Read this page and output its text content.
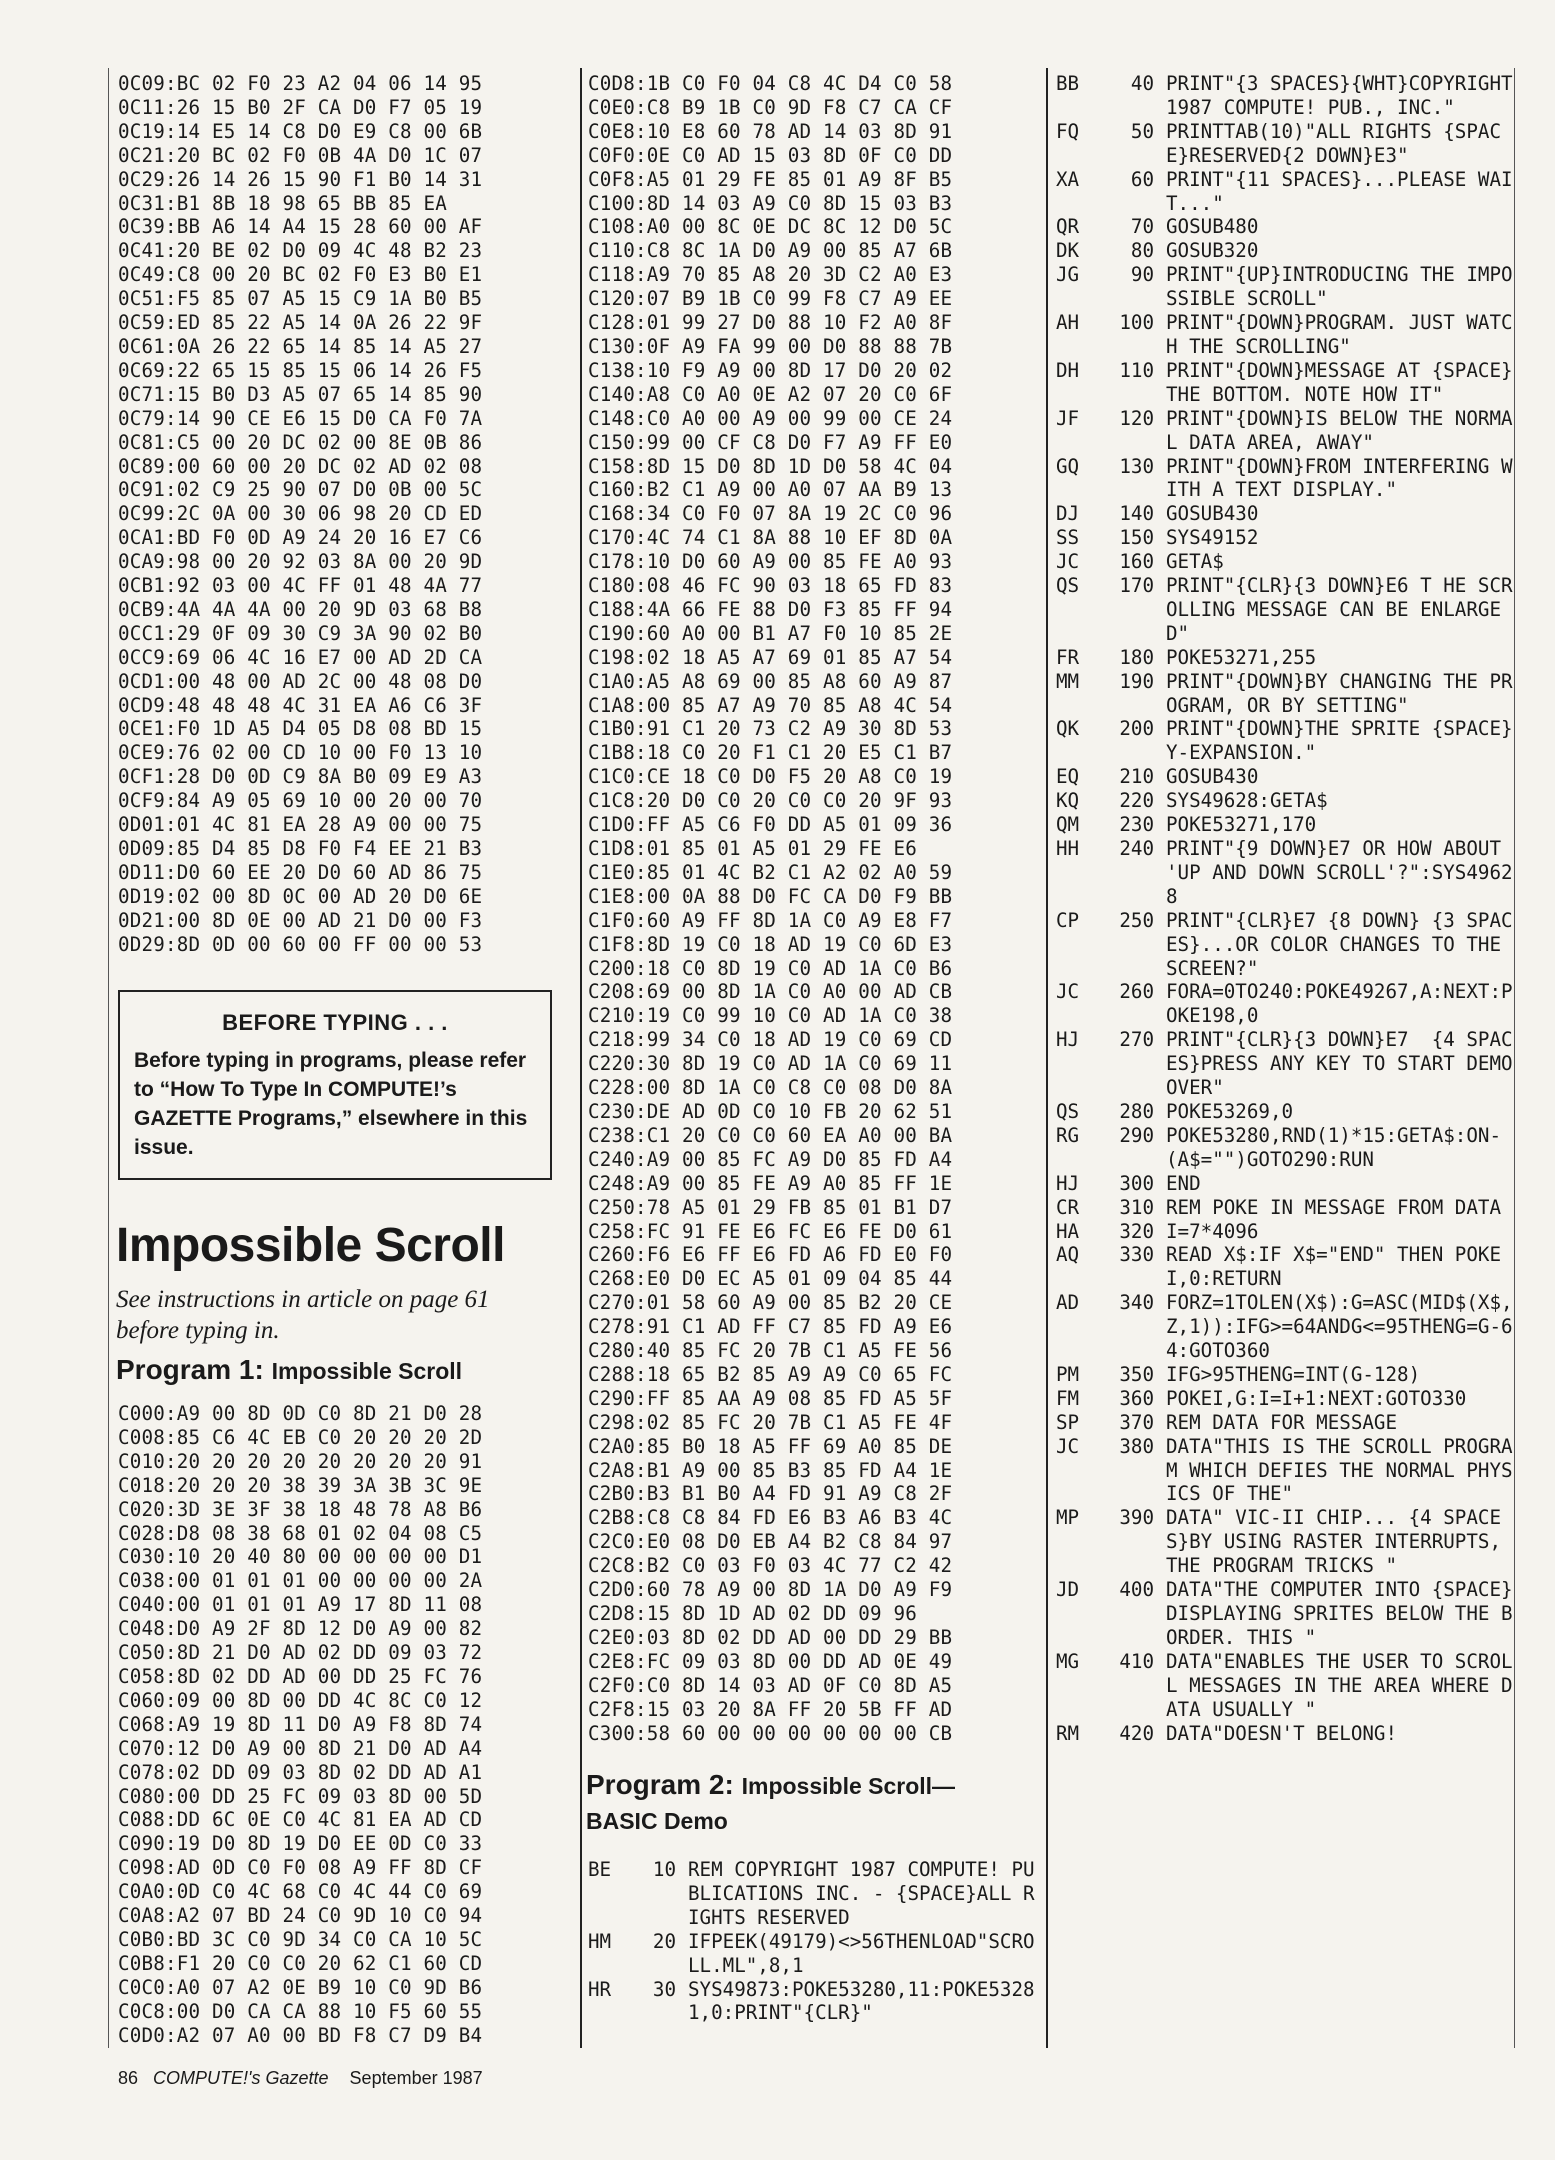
0C09:BC 02 F0 23 A2 04 06 14 95
0C11:26 15 B0 2F CA D0 F7 05 19
0C19:14 E5 14 C8 D0 E9 C8 00 6B
0C21:20 BC 02 F0 0B 4A D0 1C 07
0C29:26 14 26 15 90 F1 B0 14 31
0C31:B1 8B 18 98 65 BB 85 EA
0C39:BB A6 14 A4 15 28 60 00 AF
0C41:20 BE 02 D0 09 4C 48 B2 23
0C49:C8 00 20 BC 02 F0 E3 B0 E1
0C51:F5 85 07 A5 15 C9 1A B0 B5
0C59:ED 85 22 A5 14 0A 26 22 9F
0C61:0A 26 22 65 14 85 14 A5 27
0C69:22 65 15 85 15 06 14 26 F5
0C71:15 B0 D3 A5 07 65 14 85 90
0C79:14 90 CE E6 15 D0 CA F0 7A
0C81:C5 00 20 DC 02 00 8E 0B 86
0C89:00 60 00 20 DC 02 AD 02 08
0C91:02 C9 25 90 07 D0 0B 00 5C
0C99:2C 0A 00 30 06 98 20 CD ED
0CA1:BD F0 0D A9 24 20 16 E7 C6
0CA9:98 00 20 92 03 8A 00 20 9D
0CB1:92 03 00 4C FF 01 48 4A 77
0CB9:4A 4A 4A 00 20 9D 03 68 B8
0CC1:29 0F 09 30 C9 3A 90 02 B0
0CC9:69 06 4C 16 E7 00 AD 2D CA
0CD1:00 48 00 AD 2C 00 48 08 D0
0CD9:48 48 48 4C 31 EA A6 C6 3F
0CE1:F0 1D A5 D4 05 D8 08 BD 15
0CE9:76 02 00 CD 10 00 F0 13 10
0CF1:28 D0 0D C9 8A B0 09 E9 A3
0CF9:84 A9 05 69 10 00 20 00 70
0D01:01 4C 81 EA 28 A9 00 00 75
0D09:85 D4 85 D8 F0 F4 EE 21 B3
0D11:D0 60 EE 20 D0 60 AD 86 75
0D19:02 00 8D 0C 00 AD 20 D0 6E
0D21:00 8D 0E 00 AD 21 D0 00 F3
0D29:8D 0D 00 60 00 FF 00 00 53
BEFORE TYPING . . .
Before typing in programs, please refer to “How To Type In COMPUTE!’s GAZETTE Programs,” elsewhere in this issue.
Impossible Scroll
See instructions in article on page 61 before typing in.
Program 1: Impossible Scroll
C000:A9 00 8D 0D C0 8D 21 D0 28
C008:85 C6 4C EB C0 20 20 20 2D
C010:20 20 20 20 20 20 20 20 91
C018:20 20 20 38 39 3A 3B 3C 9E
C020:3D 3E 3F 38 18 48 78 A8 B6
C028:D8 08 38 68 01 02 04 08 C5
C030:10 20 40 80 00 00 00 00 D1
C038:00 01 01 01 00 00 00 00 2A
C040:00 01 01 01 A9 17 8D 11 08
C048:D0 A9 2F 8D 12 D0 A9 00 82
C050:8D 21 D0 AD 02 DD 09 03 72
C058:8D 02 DD AD 00 DD 25 FC 76
C060:09 00 8D 00 DD 4C 8C C0 12
C068:A9 19 8D 11 D0 A9 F8 8D 74
C070:12 D0 A9 00 8D 21 D0 AD A4
C078:02 DD 09 03 8D 02 DD AD A1
C080:00 DD 25 FC 09 03 8D 00 5D
C088:DD 6C 0E C0 4C 81 EA AD CD
C090:19 D0 8D 19 D0 EE 0D C0 33
C098:AD 0D C0 F0 08 A9 FF 8D CF
C0A0:0D C0 4C 68 C0 4C 44 C0 69
C0A8:A2 07 BD 24 C0 9D 10 C0 94
C0B0:BD 3C C0 9D 34 C0 CA 10 5C
C0B8:F1 20 C0 C0 20 62 C1 60 CD
C0C0:A0 07 A2 0E B9 10 C0 9D B6
C0C8:00 D0 CA CA 88 10 F5 60 55
C0D0:A2 07 A0 00 BD F8 C7 D9 B4
C0D8:1B C0 F0 04 C8 4C D4 C0 58
C0E0:C8 B9 1B C0 9D F8 C7 CA CF
C0E8:10 E8 60 78 AD 14 03 8D 91
C0F0:0E C0 AD 15 03 8D 0F C0 DD
C0F8:A5 01 29 FE 85 01 A9 8F B5
C100:8D 14 03 A9 C0 8D 15 03 B3
C108:A0 00 8C 0E DC 8C 12 D0 5C
C110:C8 8C 1A D0 A9 00 85 A7 6B
C118:A9 70 85 A8 20 3D C2 A0 E3
C120:07 B9 1B C0 99 F8 C7 A9 EE
C128:01 99 27 D0 88 10 F2 A0 8F
C130:0F A9 FA 99 00 D0 88 88 7B
C138:10 F9 A9 00 8D 17 D0 20 02
C140:A8 C0 A0 0E A2 07 20 C0 6F
C148:C0 A0 00 A9 00 99 00 CE 24
C150:99 00 CF C8 D0 F7 A9 FF E0
C158:8D 15 D0 8D 1D D0 58 4C 04
C160:B2 C1 A9 00 A0 07 AA B9 13
C168:34 C0 F0 07 8A 19 2C C0 96
C170:4C 74 C1 8A 88 10 EF 8D 0A
C178:10 D0 60 A9 00 85 FE A0 93
C180:08 46 FC 90 03 18 65 FD 83
C188:4A 66 FE 88 D0 F3 85 FF 94
C190:60 A0 00 B1 A7 F0 10 85 2E
C198:02 18 A5 A7 69 01 85 A7 54
C1A0:A5 A8 69 00 85 A8 60 A9 87
C1A8:00 85 A7 A9 70 85 A8 4C 54
C1B0:91 C1 20 73 C2 A9 30 8D 53
C1B8:18 C0 20 F1 C1 20 E5 C1 B7
C1C0:CE 18 C0 D0 F5 20 A8 C0 19
C1C8:20 D0 C0 20 C0 C0 20 9F 93
C1D0:FF A5 C6 F0 DD A5 01 09 36
C1D8:01 85 01 A5 01 29 FE E6
C1E0:85 01 4C B2 C1 A2 02 A0 59
C1E8:00 0A 88 D0 FC CA D0 F9 BB
C1F0:60 A9 FF 8D 1A C0 A9 E8 F7
C1F8:8D 19 C0 18 AD 19 C0 6D E3
C200:18 C0 8D 19 C0 AD 1A C0 B6
C208:69 00 8D 1A C0 A0 00 AD CB
C210:19 C0 99 10 C0 AD 1A C0 38
C218:99 34 C0 18 AD 19 C0 69 CD
C220:30 8D 19 C0 AD 1A C0 69 11
C228:00 8D 1A C0 C8 C0 08 D0 8A
C230:DE AD 0D C0 10 FB 20 62 51
C238:C1 20 C0 C0 60 EA A0 00 BA
C240:A9 00 85 FC A9 D0 85 FD A4
C248:A9 00 85 FE A9 A0 85 FF 1E
C250:78 A5 01 29 FB 85 01 B1 D7
C258:FC 91 FE E6 FC E6 FE D0 61
C260:F6 E6 FF E6 FD A6 FD E0 F0
C268:E0 D0 EC A5 01 09 04 85 44
C270:01 58 60 A9 00 85 B2 20 CE
C278:91 C1 AD FF C7 85 FD A9 E6
C280:40 85 FC 20 7B C1 A5 FE 56
C288:18 65 B2 85 A9 A9 C0 65 FC
C290:FF 85 AA A9 08 85 FD A5 5F
C298:02 85 FC 20 7B C1 A5 FE 4F
C2A0:85 B0 18 A5 FF 69 A0 85 DE
C2A8:B1 A9 00 85 B3 85 FD A4 1E
C2B0:B3 B1 B0 A4 FD 91 A9 C8 2F
C2B8:C8 C8 84 FD E6 B3 A6 B3 4C
C2C0:E0 08 D0 EB A4 B2 C8 84 97
C2C8:B2 C0 03 F0 03 4C 77 C2 42
C2D0:60 78 A9 00 8D 1A D0 A9 F9
C2D8:15 8D 1D AD 02 DD 09 96
C2E0:03 8D 02 DD AD 00 DD 29 BB
C2E8:FC 09 03 8D 00 DD AD 0E 49
C2F0:C0 8D 14 03 AD 0F C0 8D A5
C2F8:15 03 20 8A FF 20 5B FF AD
C300:58 60 00 00 00 00 00 00 CB
Program 2: Impossible Scroll— BASIC Demo
BE	10 REM COPYRIGHT 1987 COMPUTE! PUBLICATIONS INC. - {SPACE}ALL RIGHTS RESERVED
HM	20 IFPEEK(49179)<>56THENLOAD"SCROLL.ML",8,1
HR	30 SYS49873:POKE53280,11:POKE53281,0:PRINT"{CLR}"
BB	40 PRINT"{3 SPACES}{WHT}COPYRIGHT 1987 COMPUTE! PUB., INC."
FQ	50 PRINTTAB(10)"ALL RIGHTS {SPACE}RESERVED{2 DOWN}E3"
XA	60 PRINT"{11 SPACES}...PLEASE WAIT..."
QR	70 GOSUB480
DK	80 GOSUB320
JG	90 PRINT"{UP}INTRODUCING THE IMPOSSIBLE SCROLL"
AH	100 PRINT"{DOWN}PROGRAM. JUST WATCH THE SCROLLING"
DH	110 PRINT"{DOWN}MESSAGE AT {SPACE}THE BOTTOM. NOTE HOW IT"
JF	120 PRINT"{DOWN}IS BELOW THE NORMAL DATA AREA, AWAY"
GQ	130 PRINT"{DOWN}FROM INTERFERING WITH A TEXT DISPLAY."
DJ	140 GOSUB430
SS	150 SYS49152
JC	160 GETA$
QS	170 PRINT"{CLR}{3 DOWN}E6 T HE SCROLLING MESSAGE CAN BE ENLARGED"
FR	180 POKE53271,255
MM	190 PRINT"{DOWN}BY CHANGING THE PROGRAM, OR BY SETTING"
QK	200 PRINT"{DOWN}THE SPRITE {SPACE}Y-EXPANSION."
EQ	210 GOSUB430
KQ	220 SYS49628:GETA$
QM	230 POKE53271,170
HH	240 PRINT"{9 DOWN}E7 OR HOW ABOUT 'UP AND DOWN SCROLL'?":SYS49628
CP	250 PRINT"{CLR}E7 {8 DOWN} {3 SPACES}...OR COLOR CHANGES TO THE SCREEN?"
JC	260 FORA=0TO240:POKE49267,A:NEXT:POKE198,0
HJ	270 PRINT"{CLR}{3 DOWN}E7  {4 SPACES}PRESS ANY KEY TO START DEMO OVER"
QS	280 POKE53269,0
RG	290 POKE53280,RND(1)*15:GETA$:ON-(A$="")GOTO290:RUN
HJ	300 END
CR	310 REM POKE IN MESSAGE FROM DATA
HA	320 I=7*4096
AQ	330 READ X$:IF X$="END" THEN POKE I,0:RETURN
AD	340 FORZ=1TOLEN(X$):G=ASC(MID$(X$,Z,1)):IFG>=64ANDG<=95THENG=G-64:GOTO360
PM	350 IFG>95THENG=INT(G-128)
FM	360 POKEI,G:I=I+1:NEXT:GOTO330
SP	370 REM DATA FOR MESSAGE
JC	380 DATA"THIS IS THE SCROLL PROGRAM WHICH DEFIES THE NORMAL PHYSICS OF THE"
MP	390 DATA" VIC-II CHIP... {4 SPACES}BY USING RASTER INTERRUPTS, THE PROGRAM TRICKS "
JD	400 DATA"THE COMPUTER INTO {SPACE}DISPLAYING SPRITES BELOW THE BORDER. THIS "
MG	410 DATA"ENABLES THE USER TO SCROLL MESSAGES IN THE AREA WHERE DATA USUALLY "
RM	420 DATA"DOESN'T BELONG!
86 COMPUTE!'s Gazette September 1987
